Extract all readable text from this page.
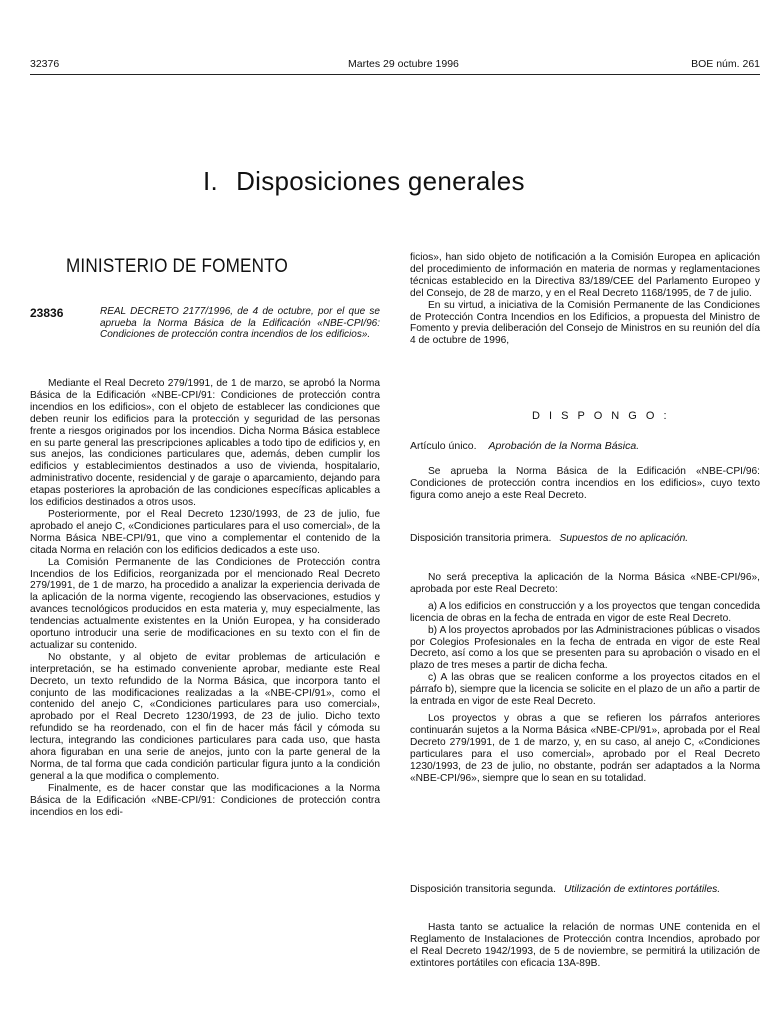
32376	Martes 29 octubre 1996	BOE núm. 261
I. Disposiciones generales
MINISTERIO DE FOMENTO
23836	REAL DECRETO 2177/1996, de 4 de octubre, por el que se aprueba la Norma Básica de la Edificación «NBE-CPI/96: Condiciones de protección contra incendios de los edificios».

Mediante el Real Decreto 279/1991, de 1 de marzo, se aprobó la Norma Básica de la Edificación «NBE-CPI/91: Condiciones de protección contra incendios en los edificios», con el objeto de establecer las condiciones que deben reunir los edificios para la protección y seguridad de las personas frente a riesgos originados por los incendios. Dicha Norma Básica establece en su parte general las prescripciones aplicables a todo tipo de edificios y, en sus anejos, las condiciones particulares que, además, deben cumplir los edificios y establecimientos destinados a uso de vivienda, hospitalario, administrativo docente, residencial y de garaje o aparcamiento, dejando para etapas posteriores la aprobación de las condiciones específicas aplicables a los edificios destinados a otros usos.

Posteriormente, por el Real Decreto 1230/1993, de 23 de julio, fue aprobado el anejo C, «Condiciones particulares para el uso comercial», de la Norma Básica NBE-CPI/91, que vino a complementar el contenido de la citada Norma en relación con los edificios dedicados a este uso.

La Comisión Permanente de las Condiciones de Protección contra Incendios de los Edificios, reorganizada por el mencionado Real Decreto 279/1991, de 1 de marzo, ha procedido a analizar la experiencia derivada de la aplicación de la norma vigente, recogiendo las observaciones, estudios y avances tecnológicos producidos en esta materia y, muy especialmente, las tendencias actualmente existentes en la Unión Europea, y ha considerado oportuno introducir una serie de modificaciones en su texto con el fin de actualizar su contenido.

No obstante, y al objeto de evitar problemas de articulación e interpretación, se ha estimado conveniente aprobar, mediante este Real Decreto, un texto refundido de la Norma Básica, que incorpora tanto el conjunto de las modificaciones realizadas a la «NBE-CPI/91», como el contenido del anejo C, «Condiciones particulares para uso comercial», aprobado por el Real Decreto 1230/1993, de 23 de julio. Dicho texto refundido se ha reordenado, con el fin de hacer más fácil y cómoda su lectura, integrando las condiciones particulares para cada uso, que hasta ahora figuraban en una serie de anejos, junto con la parte general de la Norma, de tal forma que cada condición particular figura junto a la condición general a la que modifica o complemento.

Finalmente, es de hacer constar que las modificaciones a la Norma Básica de la Edificación «NBE-CPI/91: Condiciones de protección contra incendios en los edi-

ficios», han sido objeto de notificación a la Comisión Europea en aplicación del procedimiento de información en materia de normas y reglamentaciones técnicas establecido en la Directiva 83/189/CEE del Parlamento Europeo y del Consejo, de 28 de marzo, y en el Real Decreto 1168/1995, de 7 de julio.

En su virtud, a iniciativa de la Comisión Permanente de las Condiciones de Protección Contra Incendios en los Edificios, a propuesta del Ministro de Fomento y previa deliberación del Consejo de Ministros en su reunión del día 4 de octubre de 1996,

D I S P O N G O :
Artículo único. Aprobación de la Norma Básica.

Se aprueba la Norma Básica de la Edificación «NBE-CPI/96: Condiciones de protección contra incendios en los edificios», cuyo texto figura como anejo a este Real Decreto.

Disposición transitoria primera. Supuestos de no aplicación.

No será preceptiva la aplicación de la Norma Básica «NBE-CPI/96», aprobada por este Real Decreto:

a) A los edificios en construcción y a los proyectos que tengan concedida licencia de obras en la fecha de entrada en vigor de este Real Decreto.

b) A los proyectos aprobados por las Administraciones públicas o visados por Colegios Profesionales en la fecha de entrada en vigor de este Real Decreto, así como a los que se presenten para su aprobación o visado en el plazo de tres meses a partir de dicha fecha.

c) A las obras que se realicen conforme a los proyectos citados en el párrafo b), siempre que la licencia se solicite en el plazo de un año a partir de la entrada en vigor de este Real Decreto.

Los proyectos y obras a que se refieren los párrafos anteriores continuarán sujetos a la Norma Básica «NBE-CPI/91», aprobada por el Real Decreto 279/1991, de 1 de marzo, y, en su caso, al anejo C, «Condiciones particulares para el uso comercial», aprobado por el Real Decreto 1230/1993, de 23 de julio, no obstante, podrán ser adaptados a la Norma «NBE-CPI/96», siempre que lo sean en su totalidad.

Disposición transitoria segunda. Utilización de extintores portátiles.

Hasta tanto se actualice la relación de normas UNE contenida en el Reglamento de Instalaciones de Protección contra Incendios, aprobado por el Real Decreto 1942/1993, de 5 de noviembre, se permitirá la utilización de extintores portátiles con eficacia 13A-89B.
